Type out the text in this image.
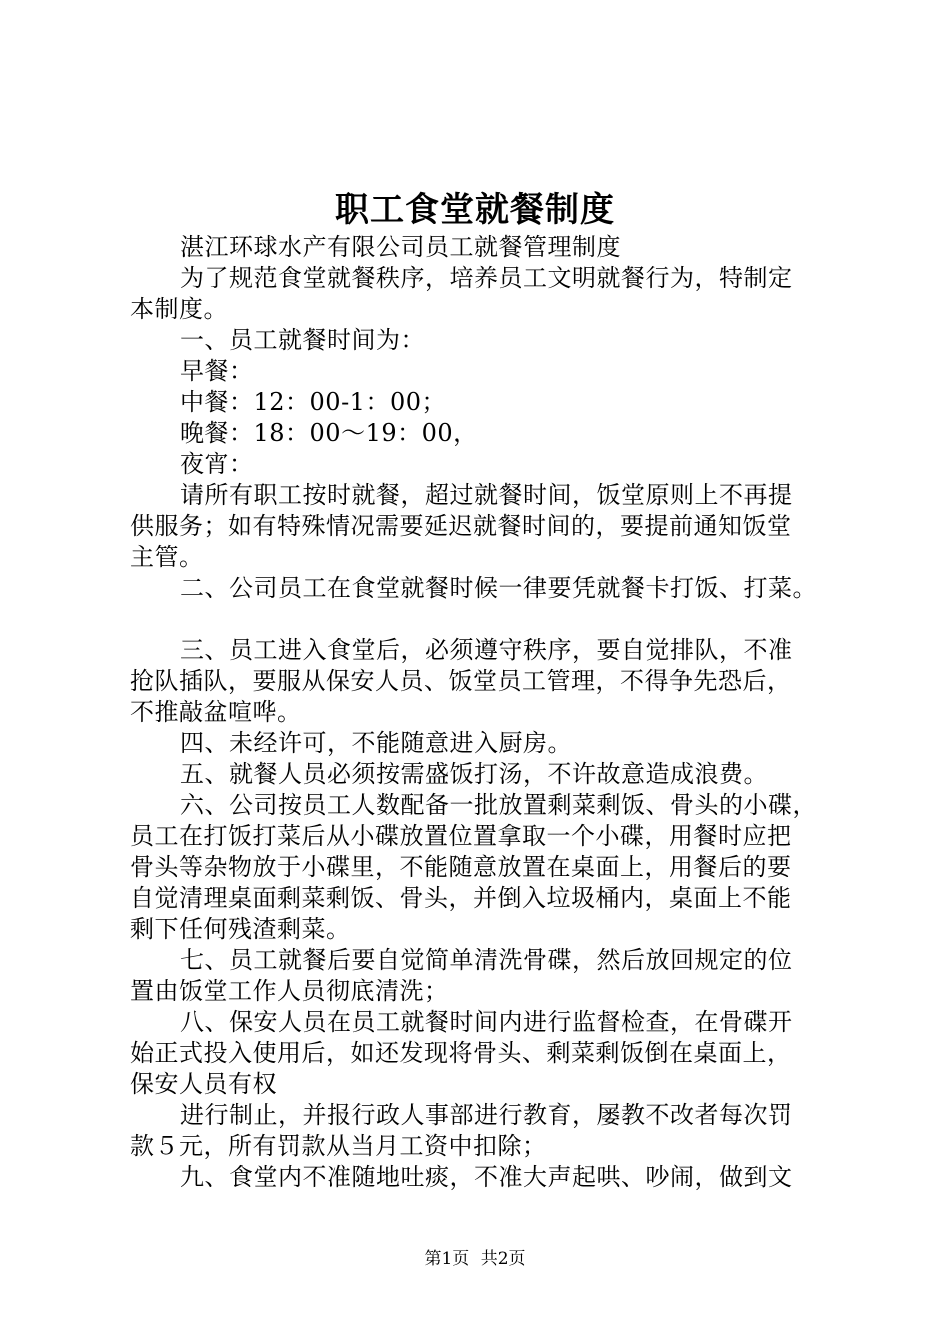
职工食堂就餐制度
湛江环球水产有限公司员工就餐管理制度
为了规范食堂就餐秩序，培养员工文明就餐行为，特制定
本制度。
一、员工就餐时间为：
早餐：
中餐：12：00-1：00；
晚餐：18：00～19：00，
夜宵：
请所有职工按时就餐，超过就餐时间，饭堂原则上不再提
供服务；如有特殊情况需要延迟就餐时间的，要提前通知饭堂
主管。
二、公司员工在食堂就餐时候一律要凭就餐卡打饭、打菜。
三、员工进入食堂后，必须遵守秩序，要自觉排队，不准
抢队插队，要服从保安人员、饭堂员工管理，不得争先恐后，
不推敲盆喧哗。
四、未经许可，不能随意进入厨房。
五、就餐人员必须按需盛饭打汤，不许故意造成浪费。
六、公司按员工人数配备一批放置剩菜剩饭、骨头的小碟，
员工在打饭打菜后从小碟放置位置拿取一个小碟，用餐时应把
骨头等杂物放于小碟里，不能随意放置在桌面上，用餐后的要
自觉清理桌面剩菜剩饭、骨头，并倒入垃圾桶内，桌面上不能
剩下任何残渣剩菜。
七、员工就餐后要自觉简单清洗骨碟，然后放回规定的位
置由饭堂工作人员彻底清洗；
八、保安人员在员工就餐时间内进行监督检查，在骨碟开
始正式投入使用后，如还发现将骨头、剩菜剩饭倒在桌面上，
保安人员有权
进行制止，并报行政人事部进行教育，屡教不改者每次罚
款５元，所有罚款从当月工资中扣除；
九、食堂内不准随地吐痰，不准大声起哄、吵闹，做到文
第1页 共2页
